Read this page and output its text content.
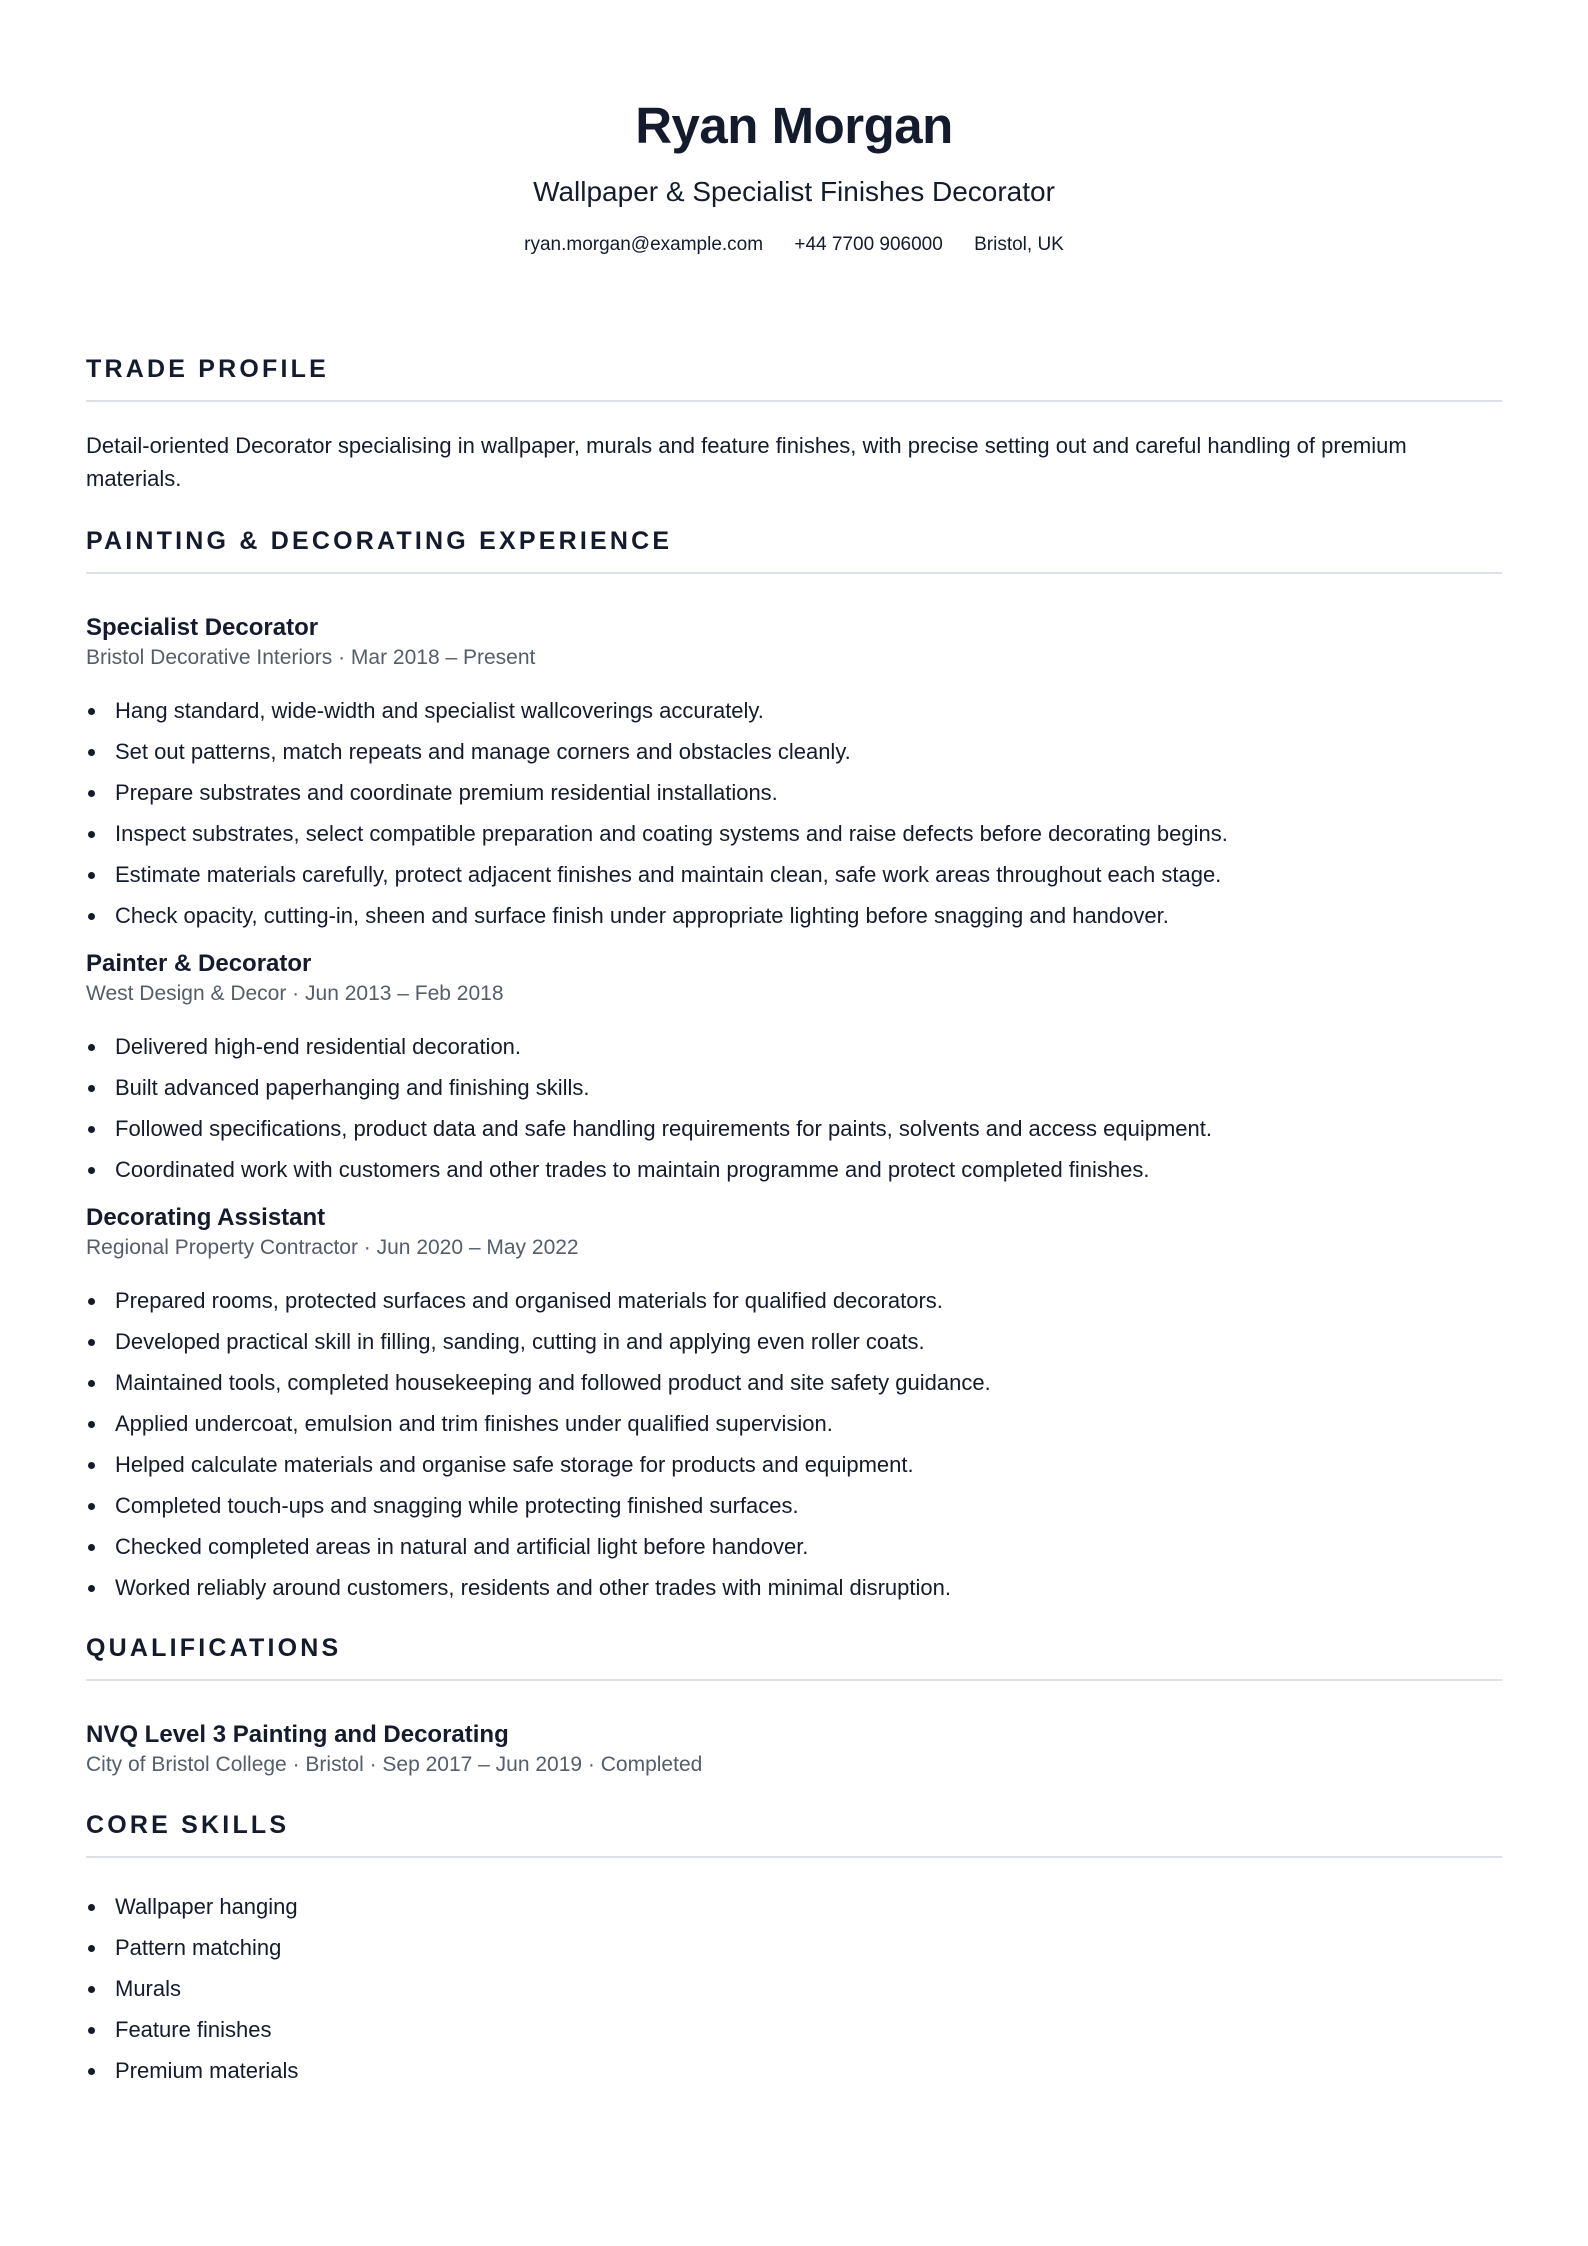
Ryan Morgan
Wallpaper & Specialist Finishes Decorator
ryan.morgan@example.com +44 7700 906000 Bristol, UK
TRADE PROFILE

Detail-oriented Decorator specialising in wallpaper, murals and feature finishes, with precise setting out and careful handling of premium materials.

PAINTING & DECORATING EXPERIENCE
Specialist Decorator
Bristol Decorative Interiors · Mar 2018 – Present
Hang standard, wide-width and specialist wallcoverings accurately.
Set out patterns, match repeats and manage corners and obstacles cleanly.
Prepare substrates and coordinate premium residential installations.
Inspect substrates, select compatible preparation and coating systems and raise defects before decorating begins.
Estimate materials carefully, protect adjacent finishes and maintain clean, safe work areas throughout each stage.
Check opacity, cutting-in, sheen and surface finish under appropriate lighting before snagging and handover.
Painter & Decorator
West Design & Decor · Jun 2013 – Feb 2018
Delivered high-end residential decoration.
Built advanced paperhanging and finishing skills.
Followed specifications, product data and safe handling requirements for paints, solvents and access equipment.
Coordinated work with customers and other trades to maintain programme and protect completed finishes.
Decorating Assistant
Regional Property Contractor · Jun 2020 – May 2022
Prepared rooms, protected surfaces and organised materials for qualified decorators.
Developed practical skill in filling, sanding, cutting in and applying even roller coats.
Maintained tools, completed housekeeping and followed product and site safety guidance.
Applied undercoat, emulsion and trim finishes under qualified supervision.
Helped calculate materials and organise safe storage for products and equipment.
Completed touch-ups and snagging while protecting finished surfaces.
Checked completed areas in natural and artificial light before handover.
Worked reliably around customers, residents and other trades with minimal disruption.
QUALIFICATIONS
NVQ Level 3 Painting and Decorating
City of Bristol College · Bristol · Sep 2017 – Jun 2019 · Completed
CORE SKILLS
Wallpaper hanging
Pattern matching
Murals
Feature finishes
Premium materials
